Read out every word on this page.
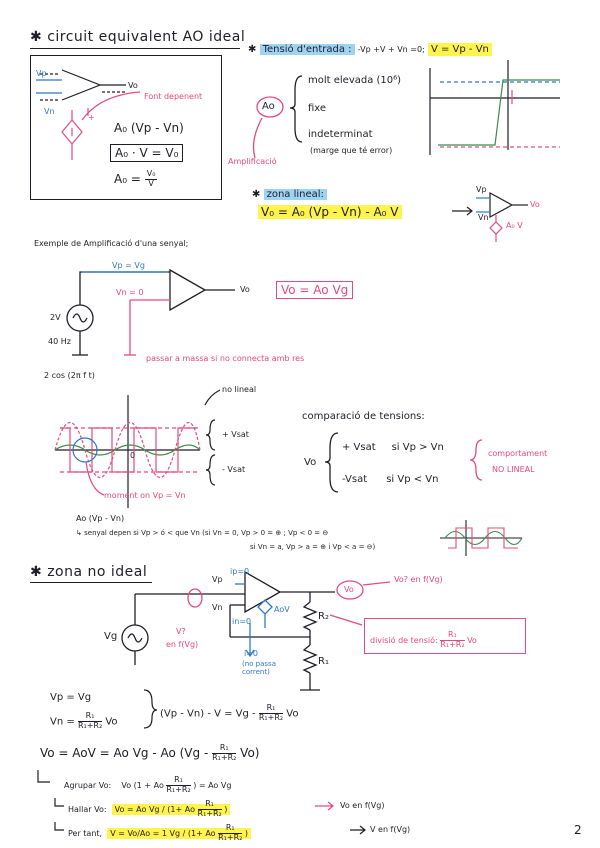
✱ circuit equivalent AO ideal
Vp
Vn
Vo
+
Font depenent
A₀ (Vp - Vn)
A₀ · V = V₀
$A_0 = \frac{\text{V₀}}{V}$
✱ Tensió d'entrada : -Vp +V + Vn =0; V = Vp - Vn
Ao
Amplificació
molt elevada (10⁶)
fixe
indeterminat
(marge que té error)
✱ zona lineal:
V₀ = A₀ (Vp - Vn) - A₀ V
Vp
Vn
Vo
A₀ V
Exemple de Amplificació d'una senyal;
Vp = Vg
Vn = 0	Vo	Vo = Ao Vg
2V
40 Hz
passar a massa si no connecta amb res
2 cos (2π f t)
no lineal
+ Vsat
- Vsat
0
moment on Vp = Vn
comparació de tensions:
Vo
+ Vsat si Vp > Vn
-Vsat si Vp < Vn
comportament
NO LINEAL
Ao (Vp - Vn)
↳ senyal depen si Vp > ó < que Vn (si Vn = 0, Vp > 0 = ⊕ ; Vp < 0 = ⊖
si Vn = a, Vp > a = ⊕ i Vp < a = ⊖)
✱ zona no ideal	Vp
Vn
Vo
Vg
ip=0
in=0
AoV
R₂
R₁
V?
en f(Vg)
Vo? en f(Vg)
i=0
(no passa corrent)
divisió de tensió: $\frac{\text{R₁}}{\text{R₁+R₂}}$ Vo
Vp = Vg
$Vn = \frac{\text{R₁}}{\text{R₁+R₂}}$ Vo
$(Vp - Vn) - V = Vg - \frac{\text{R₁}}{\text{R₁+R₂}}$ Vo
Vo = AoV = Ao Vg - Ao $(Vg - \frac{\text{R₁}}{\text{R₁+R₂}} Vo)$
Agrupar Vo: Vo (1 + Ao $\frac{\text{R₁}}{\text{R₁+R₂}}$ ) = Ao Vg
Hallar Vo: Vo = Ao Vg / (1+ Ao $\frac{\text{R₁}}{\text{R₁+R₂}}$ )	Vo en f(Vg)
Per tant, V = Vo/Ao = 1 Vg / (1+ Ao $\frac{\text{R₁}}{\text{R₁+R₂}}$ )	V en f(Vg)	2
